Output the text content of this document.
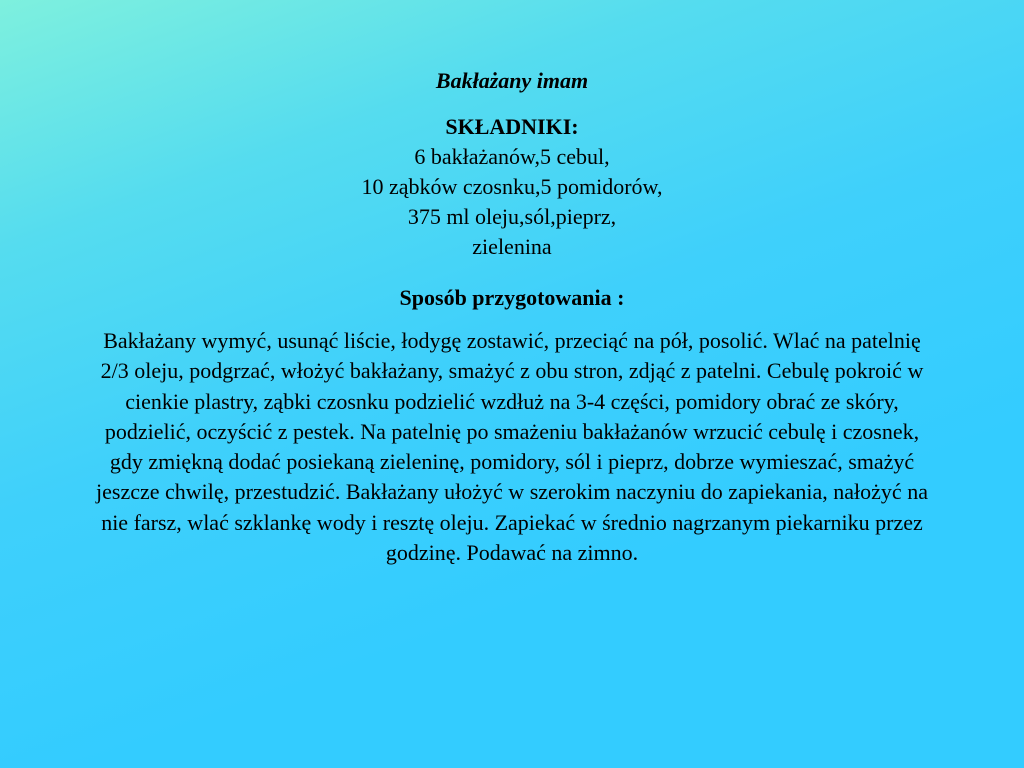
Bakłażany imam
SKŁADNIKI:
6 bakłażanów,5 cebul,
10 ząbków czosnku,5 pomidorów,
375 ml oleju,sól,pieprz,
zielenina
Sposób przygotowania :

Bakłażany wymyć, usunąć liście, łodygę zostawić, przeciąć na pół, posolić. Wlać na patelnię 2/3 oleju, podgrzać, włożyć bakłażany, smażyć z obu stron, zdjąć z patelni. Cebulę pokroić w cienkie plastry, ząbki czosnku podzielić wzdłuż na 3-4 części, pomidory obrać ze skóry, podzielić, oczyścić z pestek. Na patelnię po smażeniu bakłażanów wrzucić cebulę i czosnek, gdy zmiękną dodać posiekaną zieleninę, pomidory, sól i pieprz, dobrze wymieszać, smażyć jeszcze chwilę, przestudzić. Bakłażany ułożyć w szerokim naczyniu do zapiekania, nałożyć na nie farsz, wlać szklankę wody i resztę oleju. Zapiekać w średnio nagrzanym piekarniku przez godzinę. Podawać na zimno.
